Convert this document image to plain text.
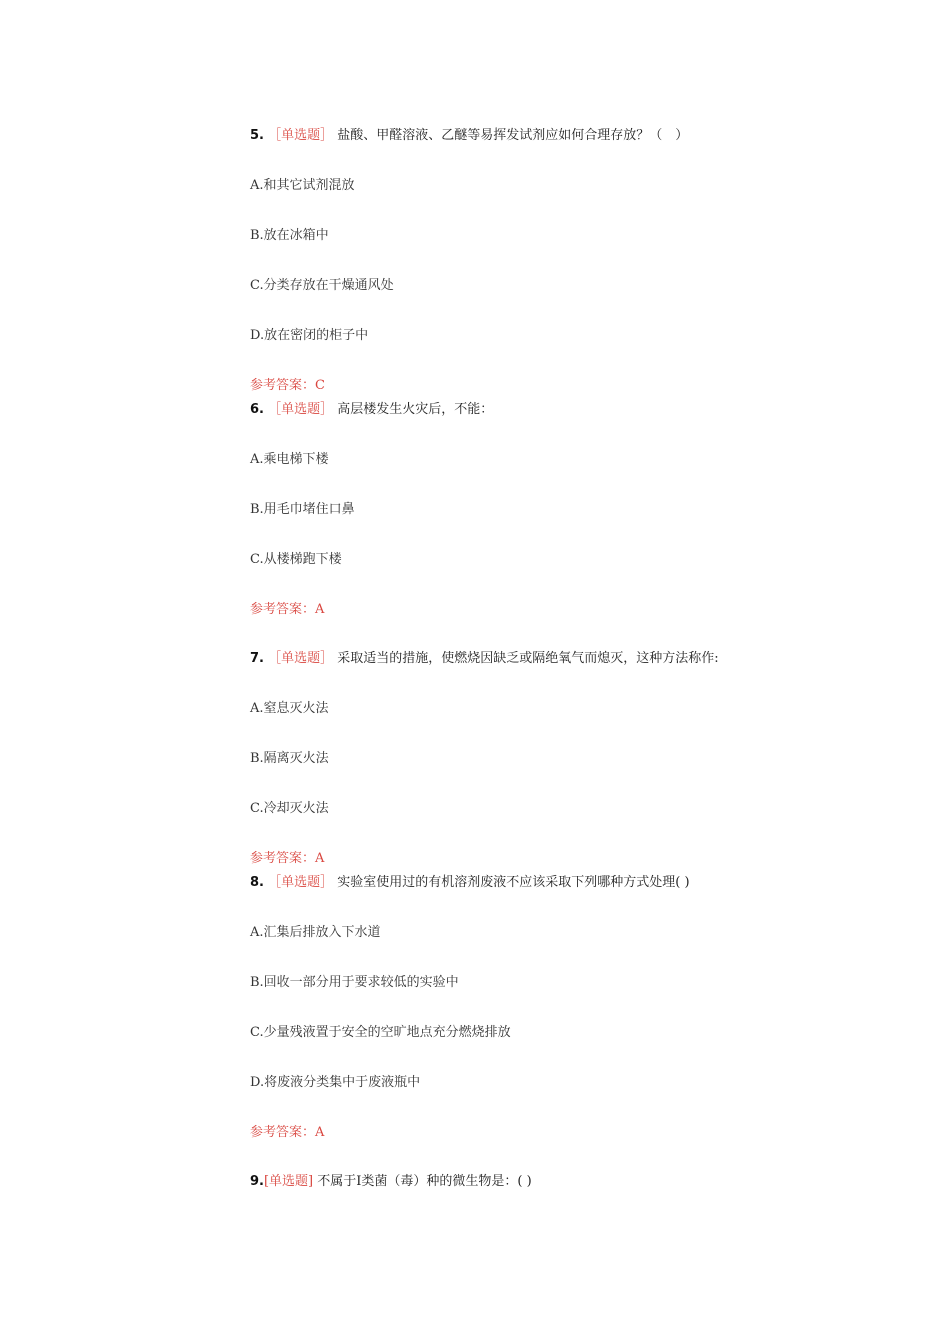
5. ［单选题］ 盐酸、甲醛溶液、乙醚等易挥发试剂应如何合理存放？（　）
A.和其它试剂混放
B.放在冰箱中
C.分类存放在干燥通风处
D.放在密闭的柜子中
参考答案：C
6. ［单选题］ 高层楼发生火灾后，不能：
A.乘电梯下楼
B.用毛巾堵住口鼻
C.从楼梯跑下楼
参考答案：A
7. ［单选题］ 采取适当的措施，使燃烧因缺乏或隔绝氧气而熄灭，这种方法称作:
A.窒息灭火法
B.隔离灭火法
C.冷却灭火法
参考答案：A
8. ［单选题］ 实验室使用过的有机溶剂废液不应该采取下列哪种方式处理( )
A.汇集后排放入下水道
B.回收一部分用于要求较低的实验中
C.少量残液置于安全的空旷地点充分燃烧排放
D.将废液分类集中于废液瓶中
参考答案：A
9.[单选题] 不属于Ⅰ类菌（毒）种的微生物是：( )
